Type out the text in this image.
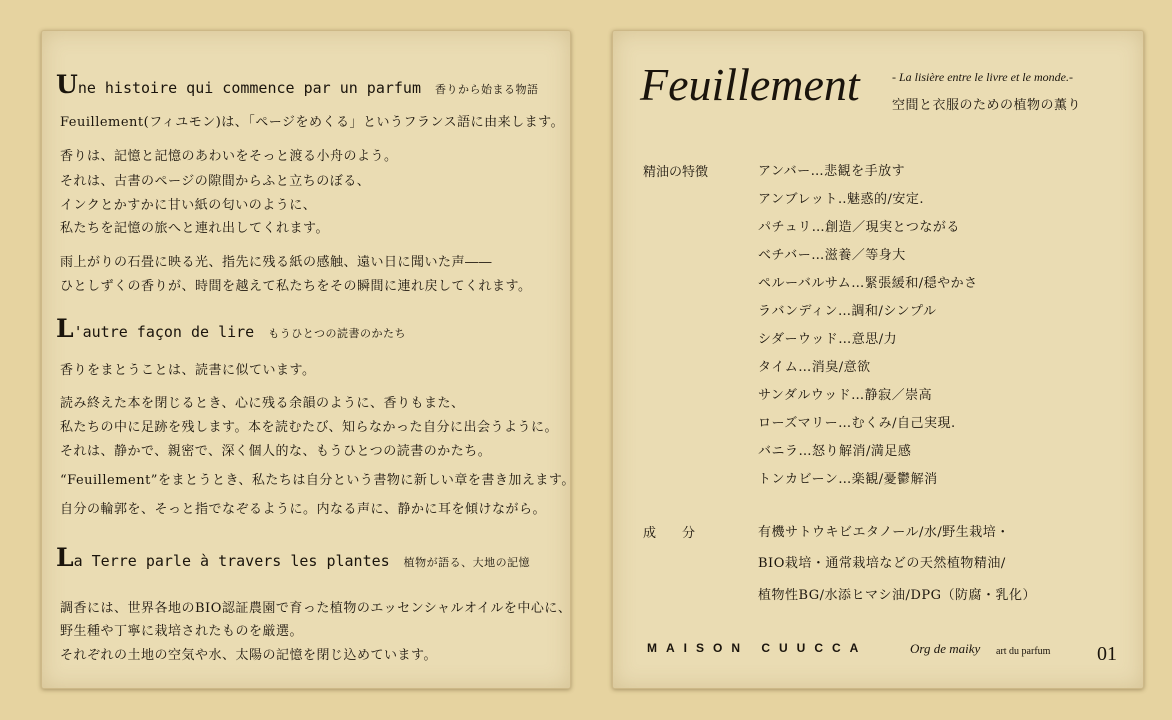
Une histoire qui commence par un parfum 香りから始まる物語
Feuillement(フィユモン)は、「ページをめくる」というフランス語に由来します。
香りは、記憶と記憶のあわいをそっと渡る小舟のよう。
それは、古書のページの隙間からふと立ちのぼる、
インクとかすかに甘い紙の匂いのように、
私たちを記憶の旅へと連れ出してくれます。
雨上がりの石畳に映る光、指先に残る紙の感触、遠い日に聞いた声――
ひとしずくの香りが、時間を越えて私たちをその瞬間に連れ戻してくれます。
L'autre façon de lire もうひとつの読書のかたち
香りをまとうことは、読書に似ています。
読み終えた本を閉じるとき、心に残る余韻のように、香りもまた、
私たちの中に足跡を残します。本を読むたび、知らなかった自分に出会うように。
それは、静かで、親密で、深く個人的な、もうひとつの読書のかたち。
“Feuillement”をまとうとき、私たちは自分という書物に新しい章を書き加えます。
自分の輪郭を、そっと指でなぞるように。内なる声に、静かに耳を傾けながら。
La Terre parle à travers les plantes 植物が語る、大地の記憶
調香には、世界各地のBIO認証農園で育った植物のエッセンシャルオイルを中心に、
野生種や丁寧に栽培されたものを厳選。
それぞれの土地の空気や水、太陽の記憶を閉じ込めています。
Feuillement	- La lisière entre le livre et le monde.-
空間と衣服のための植物の薫り
精油の特徴	アンバー…悲観を手放す
アンブレット‥魅惑的/安定.
パチュリ…創造／現実とつながる
ベチバー…滋養／等身大
ペルーバルサム…緊張緩和/穏やかさ
ラバンディン…調和/シンプル
シダーウッド…意思/力
タイム…消臭/意欲
サンダルウッド…静寂／崇高
ローズマリー…むくみ/自己実現.
バニラ…怒り解消/満足感
トンカビーン…楽観/憂鬱解消
成　　分	有機サトウキビエタノール/水/野生栽培・
BIO栽培・通常栽培などの天然植物精油/
植物性BG/水添ヒマシ油/DPG（防腐・乳化）
MAISON CUUCCA	Org de maiky art du parfum 01
